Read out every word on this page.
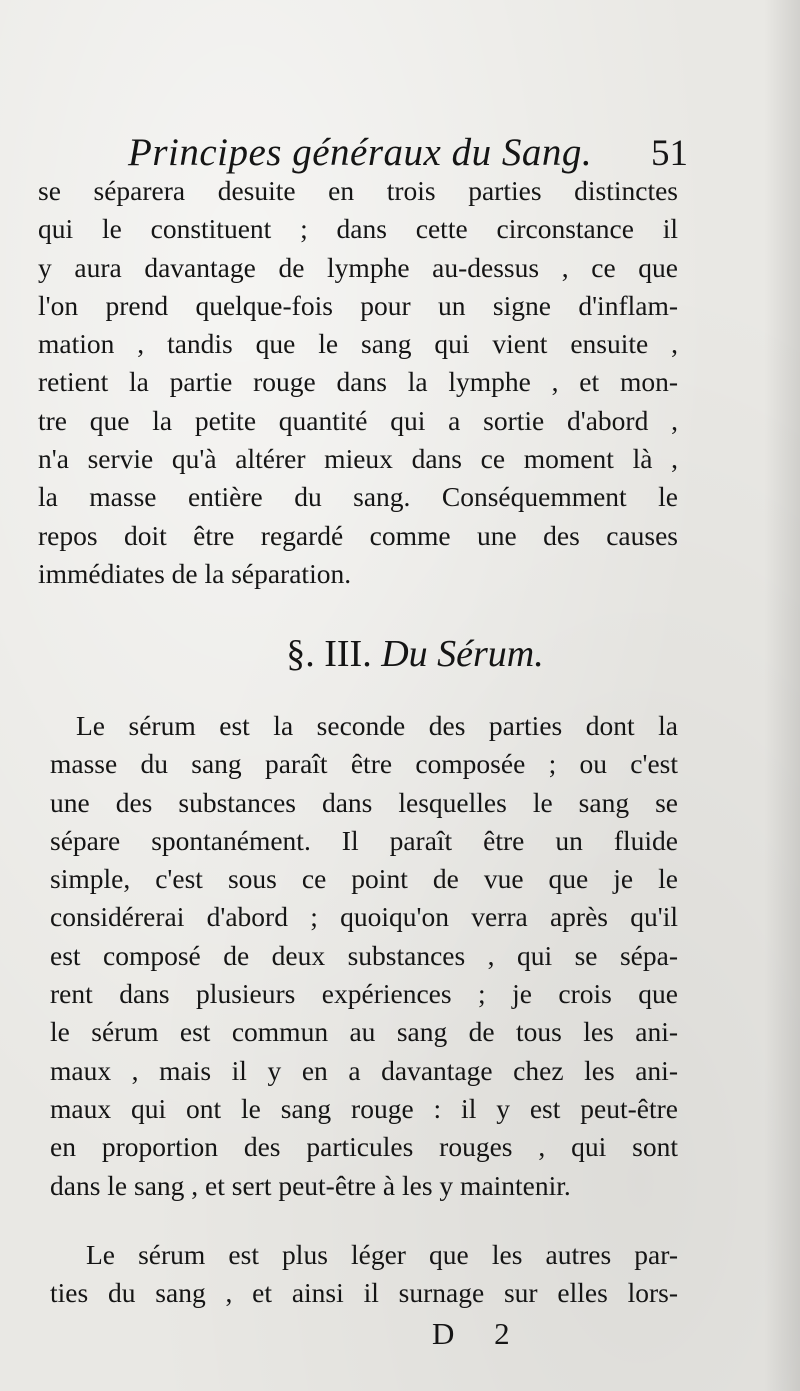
Principes généraux du Sang. 51
se séparera desuite en trois parties distinctes
qui le constituent ; dans cette circonstance il
y aura davantage de lymphe au-dessus , ce que
l'on prend quelque-fois pour un signe d'inflam-
mation , tandis que le sang qui vient ensuite ,
retient la partie rouge dans la lymphe , et mon-
tre que la petite quantité qui a sortie d'abord ,
n'a servie qu'à altérer mieux dans ce moment là ,
la masse entière du sang. Conséquemment le
repos doit être regardé comme une des causes
immédiates de la séparation.
§. III. Du Sérum.
Le sérum est la seconde des parties dont la
masse du sang paraît être composée ; ou c'est
une des substances dans lesquelles le sang se
sépare spontanément. Il paraît être un fluide
simple, c'est sous ce point de vue que je le
considérerai d'abord ; quoiqu'on verra après qu'il
est composé de deux substances , qui se sépa-
rent dans plusieurs expériences ; je crois que
le sérum est commun au sang de tous les ani-
maux , mais il y en a davantage chez les ani-
maux qui ont le sang rouge : il y est peut-être
en proportion des particules rouges , qui sont
dans le sang , et sert peut-être à les y maintenir.
Le sérum est plus léger que les autres par-
ties du sang , et ainsi il surnage sur elles lors-
D 2
